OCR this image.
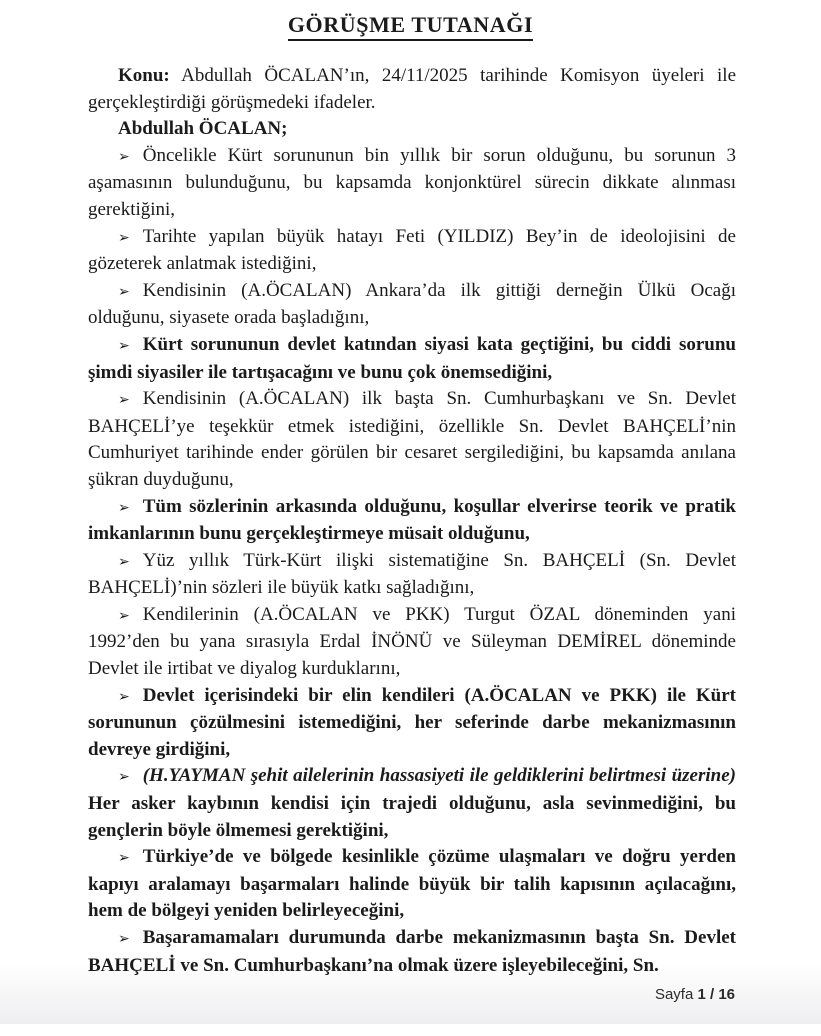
GÖRÜŞME TUTANAĞI

Konu: Abdullah ÖCALAN’ın, 24/11/2025 tarihinde Komisyon üyeleri ile gerçekleştirdiği görüşmedeki ifadeler.

Abdullah ÖCALAN;

➢ Öncelikle Kürt sorununun bin yıllık bir sorun olduğunu, bu sorunun 3 aşamasının bulunduğunu, bu kapsamda konjonktürel sürecin dikkate alınması gerektiğini,

➢ Tarihte yapılan büyük hatayı Feti (YILDIZ) Bey’in de ideolojisini de gözeterek anlatmak istediğini,

➢ Kendisinin (A.ÖCALAN) Ankara’da ilk gittiği derneğin Ülkü Ocağı olduğunu, siyasete orada başladığını,

➢ Kürt sorununun devlet katından siyasi kata geçtiğini, bu ciddi sorunu şimdi siyasiler ile tartışacağını ve bunu çok önemsediğini,

➢ Kendisinin (A.ÖCALAN) ilk başta Sn. Cumhurbaşkanı ve Sn. Devlet BAHÇELİ’ye teşekkür etmek istediğini, özellikle Sn. Devlet BAHÇELİ’nin Cumhuriyet tarihinde ender görülen bir cesaret sergilediğini, bu kapsamda anılana şükran duyduğunu,

➢ Tüm sözlerinin arkasında olduğunu, koşullar elverirse teorik ve pratik imkanlarının bunu gerçekleştirmeye müsait olduğunu,

➢ Yüz yıllık Türk-Kürt ilişki sistematiğine Sn. BAHÇELİ (Sn. Devlet BAHÇELİ)’nin sözleri ile büyük katkı sağladığını,

➢ Kendilerinin (A.ÖCALAN ve PKK) Turgut ÖZAL döneminden yani 1992’den bu yana sırasıyla Erdal İNÖNÜ ve Süleyman DEMİREL döneminde Devlet ile irtibat ve diyalog kurduklarını,

➢ Devlet içerisindeki bir elin kendileri (A.ÖCALAN ve PKK) ile Kürt sorununun çözülmesini istemediğini, her seferinde darbe mekanizmasının devreye girdiğini,

➢ (H.YAYMAN şehit ailelerinin hassasiyeti ile geldiklerini belirtmesi üzerine) Her asker kaybının kendisi için trajedi olduğunu, asla sevinmediğini, bu gençlerin böyle ölmemesi gerektiğini,

➢ Türkiye’de ve bölgede kesinlikle çözüme ulaşmaları ve doğru yerden kapıyı aralamayı başarmaları halinde büyük bir talih kapısının açılacağını, hem de bölgeyi yeniden belirleyeceğini,

➢ Başaramamaları durumunda darbe mekanizmasının başta Sn. Devlet BAHÇELİ ve Sn. Cumhurbaşkanı’na olmak üzere işleyebileceğini, Sn.

Sayfa 1 / 16
